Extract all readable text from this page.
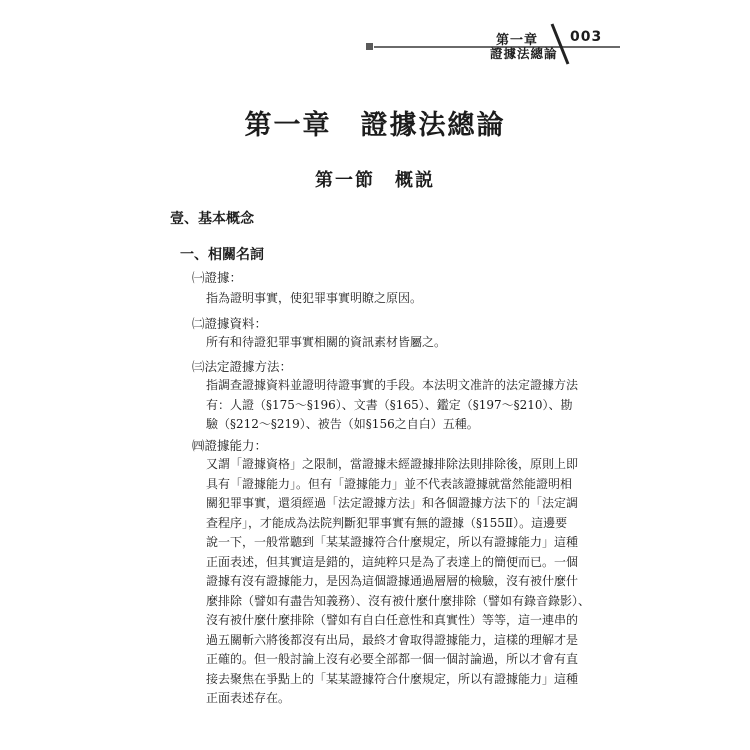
第一章
證據法總論
003
第一章　證據法總論
第一節　概説
壹、基本概念
一、相關名詞
㈠證據：

指為證明事實，使犯罪事實明瞭之原因。

㈡證據資料：

所有和待證犯罪事實相關的資訊素材皆屬之。

㈢法定證據方法：

指調查證據資料並證明待證事實的手段。本法明文准許的法定證據方法

有：人證（§175～§196）、文書（§165）、鑑定（§197～§210）、勘

驗（§212～§219）、被告（如§156之自白）五種。

㈣證據能力：

又謂「證據資格」之限制，當證據未經證據排除法則排除後，原則上即

具有「證據能力」。但有「證據能力」並不代表該證據就當然能證明相

關犯罪事實，還須經過「法定證據方法」和各個證據方法下的「法定調

查程序」，才能成為法院判斷犯罪事實有無的證據（§155Ⅱ）。這邊要

說一下，一般常聽到「某某證據符合什麼規定，所以有證據能力」這種

正面表述，但其實這是錯的，這純粹只是為了表達上的簡便而已。一個

證據有沒有證據能力，是因為這個證據通過層層的檢驗，沒有被什麼什

麼排除（譬如有盡告知義務）、沒有被什麼什麼排除（譬如有錄音錄影）、

沒有被什麼什麼排除（譬如有自白任意性和真實性）等等，這一連串的

過五關斬六將後都沒有出局，最終才會取得證據能力，這樣的理解才是

正確的。但一般討論上沒有必要全部都一個一個討論過，所以才會有直

接去聚焦在爭點上的「某某證據符合什麼規定，所以有證據能力」這種

正面表述存在。
